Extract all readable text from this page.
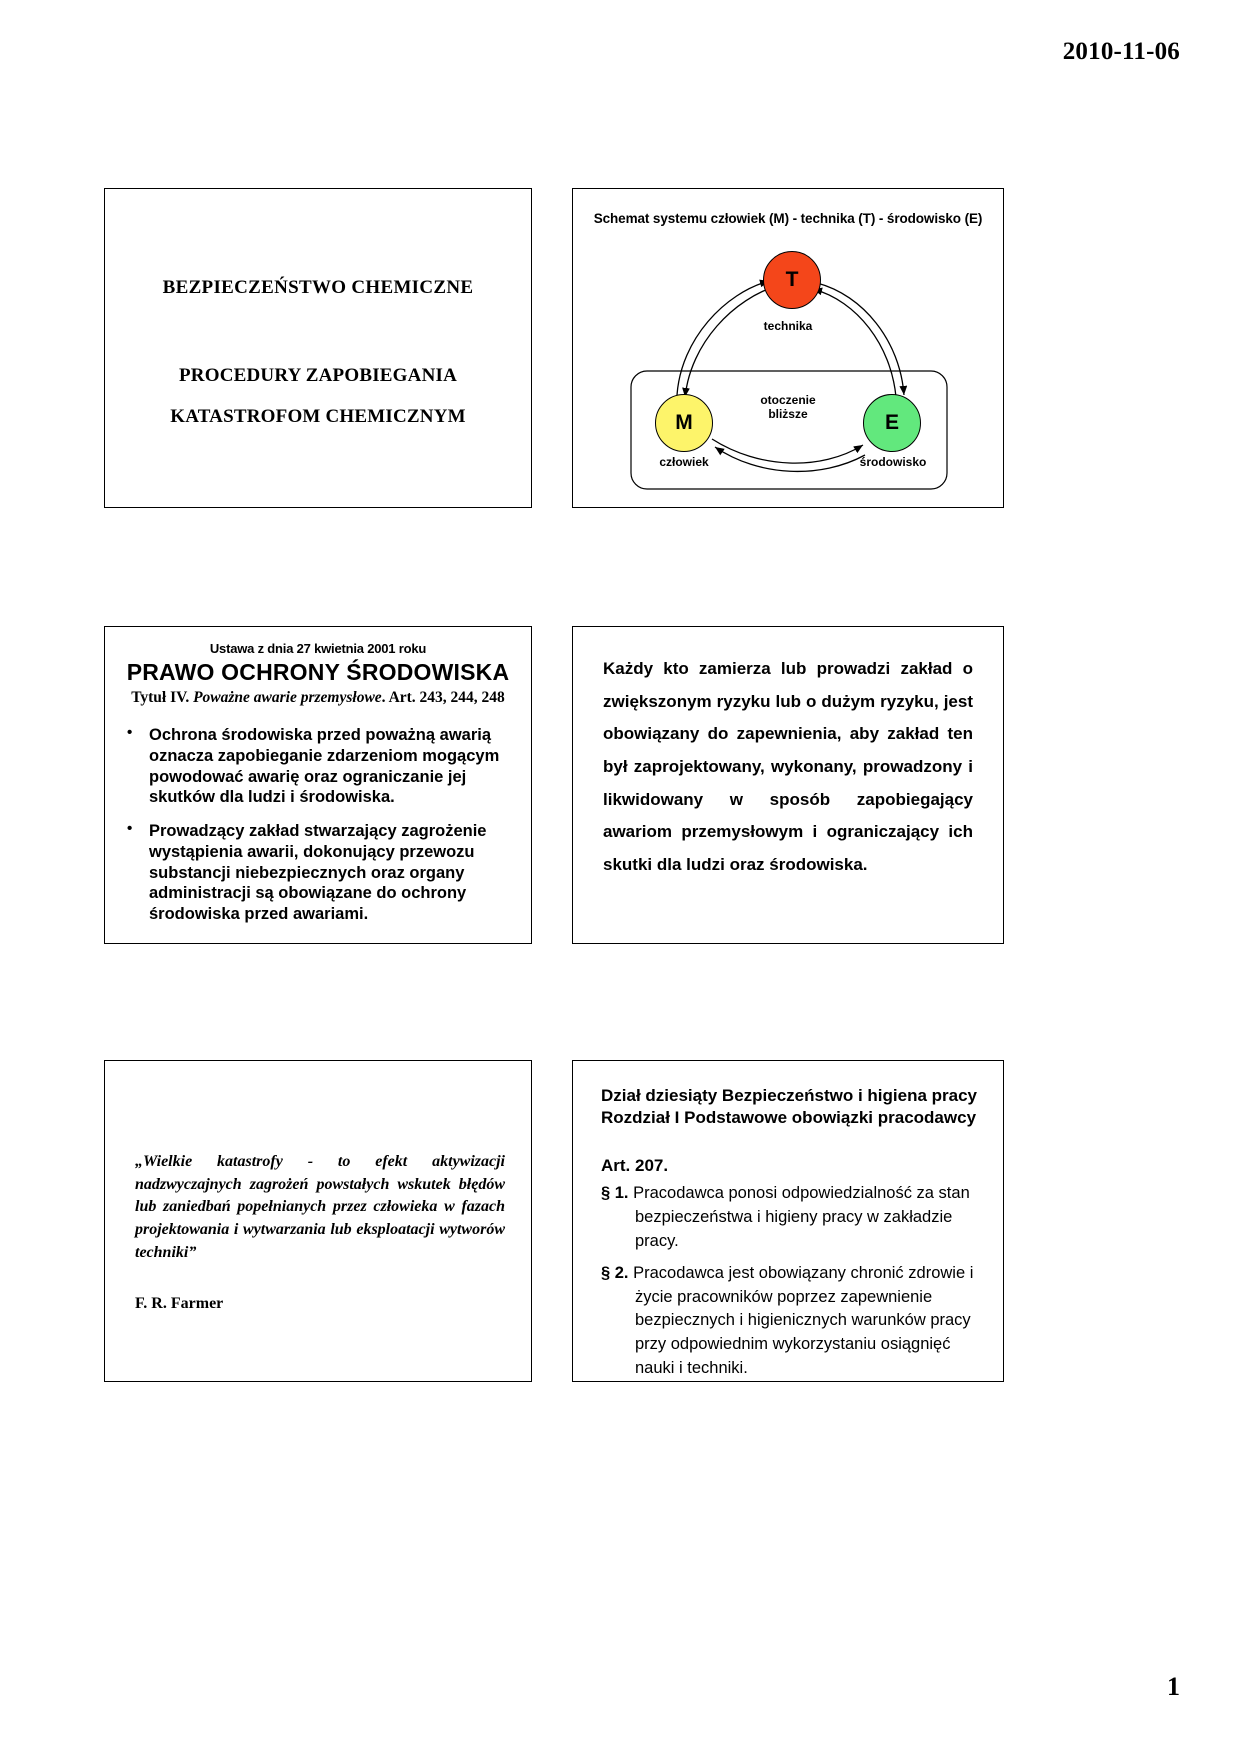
2010-11-06
BEZPIECZEŃSTWO CHEMICZNE
PROCEDURY ZAPOBIEGANIA
KATASTROFOM CHEMICZNYM
Schemat systemu człowiek (M) - technika (T) - środowisko (E)
T
M	E
technika
człowiek	środowisko
otoczenie
bliższe
Ustawa z dnia 27 kwietnia 2001 roku
PRAWO OCHRONY ŚRODOWISKA
Tytuł IV. Poważne awarie przemysłowe. Art. 243, 244, 248
• Ochrona środowiska przed poważną awarią oznacza zapobieganie zdarzeniom mogącym powodować awarię oraz ograniczanie jej skutków dla ludzi i środowiska.
• Prowadzący zakład stwarzający zagrożenie wystąpienia awarii, dokonujący przewozu substancji niebezpiecznych oraz organy administracji są obowiązane do ochrony środowiska przed awariami.
Każdy kto zamierza lub prowadzi zakład o zwiększonym ryzyku lub o dużym ryzyku, jest obowiązany do zapewnienia, aby zakład ten był zaprojektowany, wykonany, prowadzony i likwidowany w sposób zapobiegający awariom przemysłowym i ograniczający ich skutki dla ludzi oraz środowiska.
„Wielkie katastrofy - to efekt aktywizacji nadzwyczajnych zagrożeń powstałych wskutek błędów lub zaniedbań popełnianych przez człowieka w fazach projektowania i wytwarzania lub eksploatacji wytworów techniki”
F. R. Farmer
Dział dziesiąty Bezpieczeństwo i higiena pracy
Rozdział I Podstawowe obowiązki pracodawcy
Art. 207.
§ 1. Pracodawca ponosi odpowiedzialność za stan bezpieczeństwa i higieny pracy w zakładzie pracy.
§ 2. Pracodawca jest obowiązany chronić zdrowie i życie pracowników poprzez zapewnienie bezpiecznych i higienicznych warunków pracy przy odpowiednim wykorzystaniu osiągnięć nauki i techniki.
1
